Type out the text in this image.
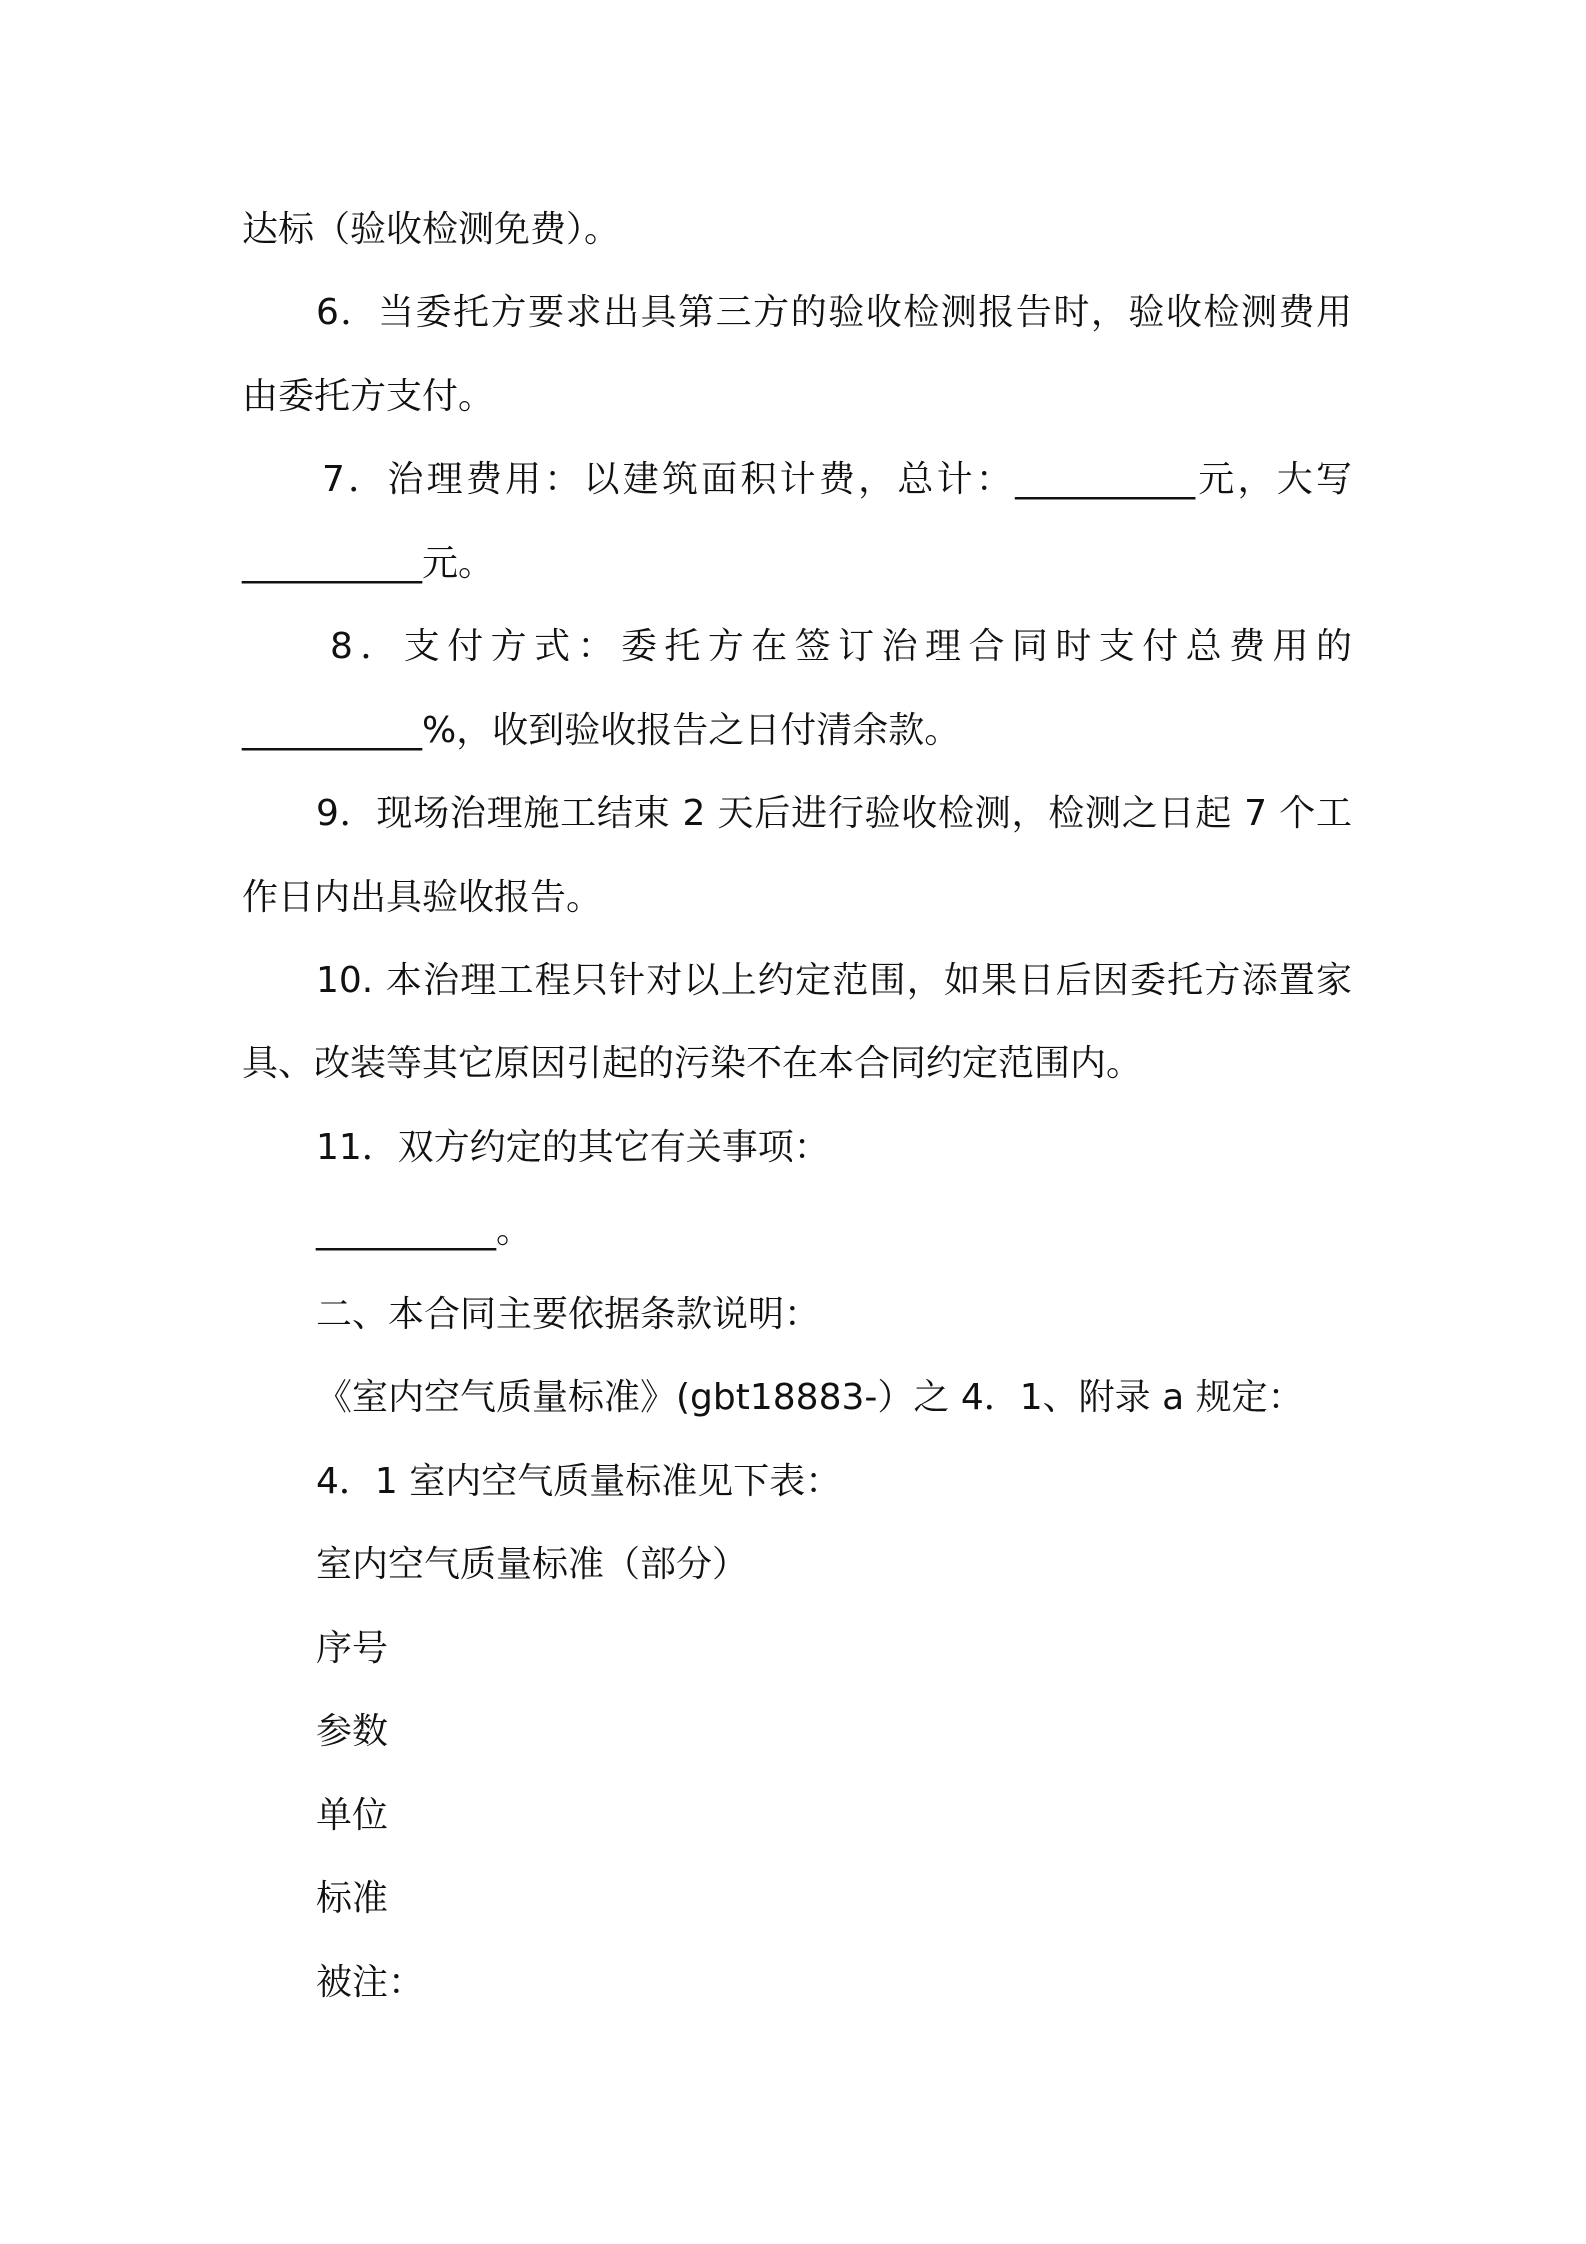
达标（验收检测免费）。
6．当委托方要求出具第三方的验收检测报告时，验收检测费用
由委托方支付。
7．治理费用：以建筑面积计费，总计：__________元，大写
__________元。
8．支付方式：委托方在签订治理合同时支付总费用的
__________%，收到验收报告之日付清余款。
9．现场治理施工结束 2 天后进行验收检测，检测之日起 7 个工
作日内出具验收报告。
10. 本治理工程只针对以上约定范围，如果日后因委托方添置家
具、改装等其它原因引起的污染不在本合同约定范围内。
11．双方约定的其它有关事项：
__________。
二、本合同主要依据条款说明：
《室内空气质量标准》(gbt18883-）之 4．1、附录 a 规定：
4．1 室内空气质量标准见下表：
室内空气质量标准（部分）
序号
参数
单位
标准
被注：
